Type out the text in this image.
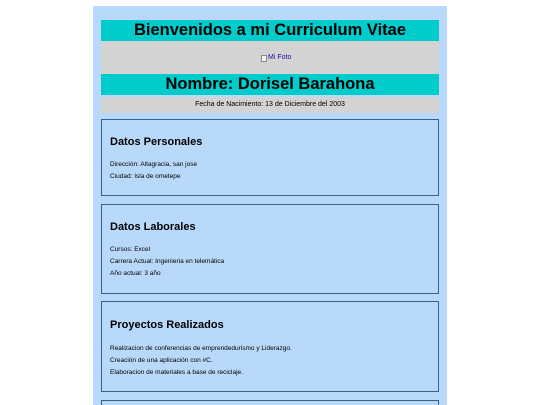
Bienvenidos a mi Curriculum Vitae
Mi Foto
Nombre: Dorisel Barahona
Fecha de Nacimiento: 13 de Diciembre del 2003
Datos Personales

Dirección: Altagracia, san jose

Ciudad: Isla de ometepe

Datos Laborales

Cursos: Excel

Carrera Actual: Ingenieria en telemática

Año actual: 3 año

Proyectos Realizados

Realizacion de conferencias de emprendedurismo y Liderazgo.

Creación de una aplicación con #C.

Elaboracion de materiales a base de reciclaje.
